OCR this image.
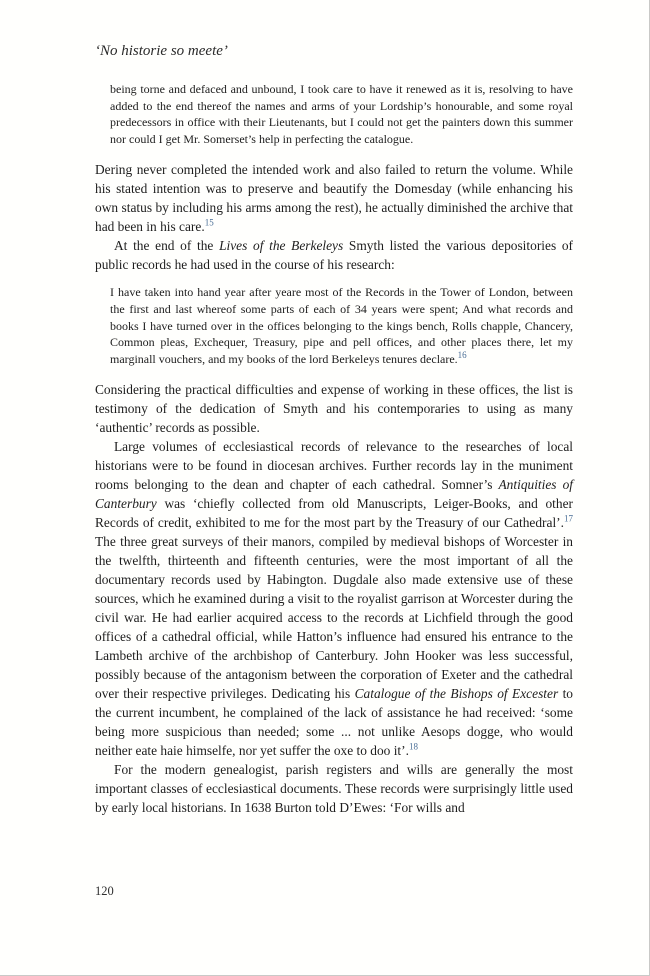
‘No historie so meete’

being torne and defaced and unbound, I took care to have it renewed as it is, resolving to have added to the end thereof the names and arms of your Lordship’s honourable, and some royal predecessors in office with their Lieutenants, but I could not get the painters down this summer nor could I get Mr. Somerset’s help in perfecting the catalogue.

Dering never completed the intended work and also failed to return the volume. While his stated intention was to preserve and beautify the Domesday (while enhancing his own status by including his arms among the rest), he actually diminished the archive that had been in his care.$^{15}$

At the end of the Lives of the Berkeleys Smyth listed the various depositories of public records he had used in the course of his research:

I have taken into hand year after yeare most of the Records in the Tower of London, between the first and last whereof some parts of each of 34 years were spent; And what records and books I have turned over in the offices belonging to the kings bench, Rolls chapple, Chancery, Common pleas, Exchequer, Treasury, pipe and pell offices, and other places there, let my marginall vouchers, and my books of the lord Berkeleys tenures declare.$^{16}$

Considering the practical difficulties and expense of working in these offices, the list is testimony of the dedication of Smyth and his contemporaries to using as many ‘authentic’ records as possible.

Large volumes of ecclesiastical records of relevance to the researches of local historians were to be found in diocesan archives. Further records lay in the muniment rooms belonging to the dean and chapter of each cathedral. Somner’s Antiquities of Canterbury was ‘chiefly collected from old Manuscripts, Leiger-Books, and other Records of credit, exhibited to me for the most part by the Treasury of our Cathedral’.$^{17}$ The three great surveys of their manors, compiled by medieval bishops of Worcester in the twelfth, thirteenth and fifteenth centuries, were the most important of all the documentary records used by Habington. Dugdale also made extensive use of these sources, which he examined during a visit to the royalist garrison at Worcester during the civil war. He had earlier acquired access to the records at Lichfield through the good offices of a cathedral official, while Hatton’s influence had ensured his entrance to the Lambeth archive of the archbishop of Canterbury. John Hooker was less successful, possibly because of the antagonism between the corporation of Exeter and the cathedral over their respective privileges. Dedicating his Catalogue of the Bishops of Excester to the current incumbent, he complained of the lack of assistance he had received: ‘some being more suspicious than needed; some ... not unlike Aesops dogge, who would neither eate haie himselfe, nor yet suffer the oxe to doo it’.$^{18}$

For the modern genealogist, parish registers and wills are generally the most important classes of ecclesiastical documents. These records were surprisingly little used by early local historians. In 1638 Burton told D’Ewes: ‘For wills and

120
